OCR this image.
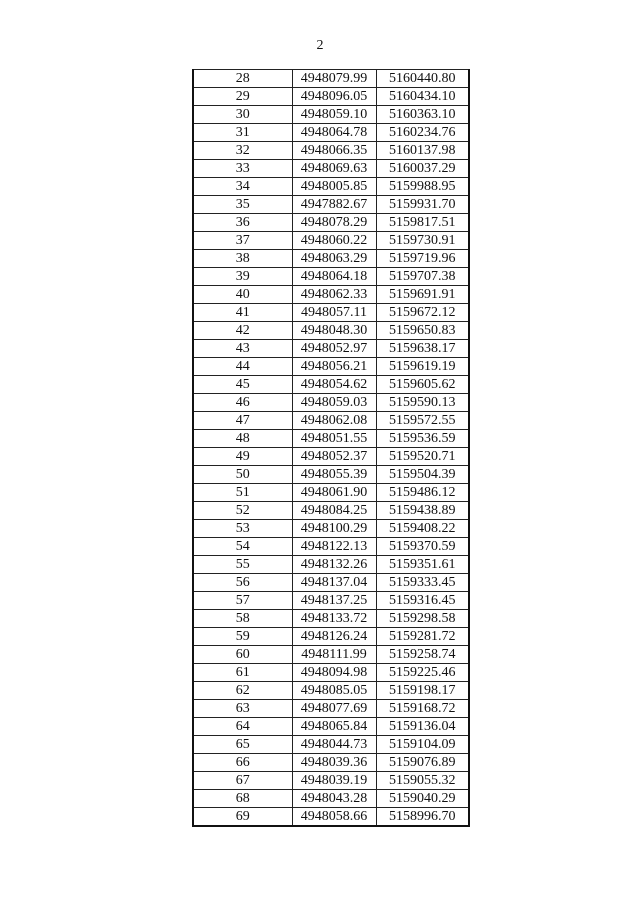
2
28	4948079.99	5160440.80
29	4948096.05	5160434.10
30	4948059.10	5160363.10
31	4948064.78	5160234.76
32	4948066.35	5160137.98
33	4948069.63	5160037.29
34	4948005.85	5159988.95
35	4947882.67	5159931.70
36	4948078.29	5159817.51
37	4948060.22	5159730.91
38	4948063.29	5159719.96
39	4948064.18	5159707.38
40	4948062.33	5159691.91
41	4948057.11	5159672.12
42	4948048.30	5159650.83
43	4948052.97	5159638.17
44	4948056.21	5159619.19
45	4948054.62	5159605.62
46	4948059.03	5159590.13
47	4948062.08	5159572.55
48	4948051.55	5159536.59
49	4948052.37	5159520.71
50	4948055.39	5159504.39
51	4948061.90	5159486.12
52	4948084.25	5159438.89
53	4948100.29	5159408.22
54	4948122.13	5159370.59
55	4948132.26	5159351.61
56	4948137.04	5159333.45
57	4948137.25	5159316.45
58	4948133.72	5159298.58
59	4948126.24	5159281.72
60	4948111.99	5159258.74
61	4948094.98	5159225.46
62	4948085.05	5159198.17
63	4948077.69	5159168.72
64	4948065.84	5159136.04
65	4948044.73	5159104.09
66	4948039.36	5159076.89
67	4948039.19	5159055.32
68	4948043.28	5159040.29
69	4948058.66	5158996.70
